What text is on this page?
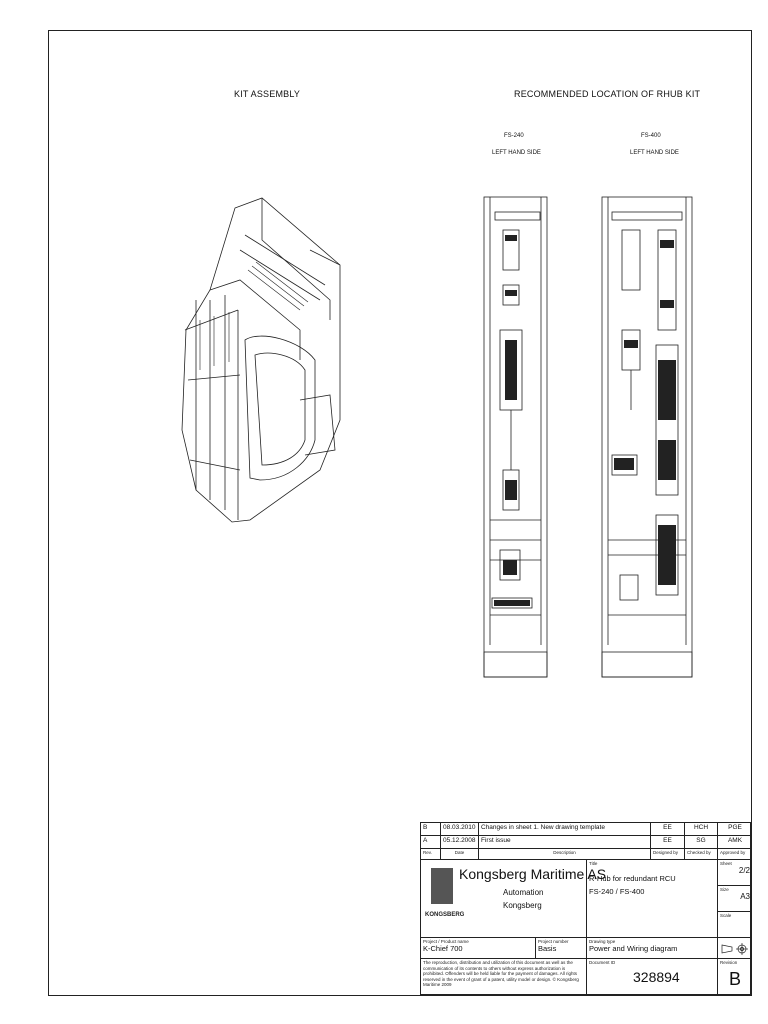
KIT ASSEMBLY	RECOMMENDED LOCATION OF RHUB KIT
FS-240
LEFT HAND SIDE
FS-400
LEFT HAND SIDE
B	08.03.2010 Changes in sheet 1. New drawing template	EE	HCH	PGE
A	05.12.2008 First issue	EE	SG	AMK
Rev.	Date	Description	Designed by	Checked by	Approved by
KONGSBERG
Kongsberg Maritime AS
Automation
Kongsberg
Title
R-Hub for redundant RCU
FS-240 / FS-400
Sheet
2/2
Size
A3
Scale
Project / Product name
K-Chief 700
Project number
Basis
Drawing type
Power and Wiring diagram
The reproduction, distribution and utilization of this document as well as the communication of its contents to others without express authorization is prohibited. Offenders will be held liable for the payment of damages. All rights reserved in the event of grant of a patent, utility model or design. © Kongsberg Maritime 2009
Document ID
328894
Revision
B
